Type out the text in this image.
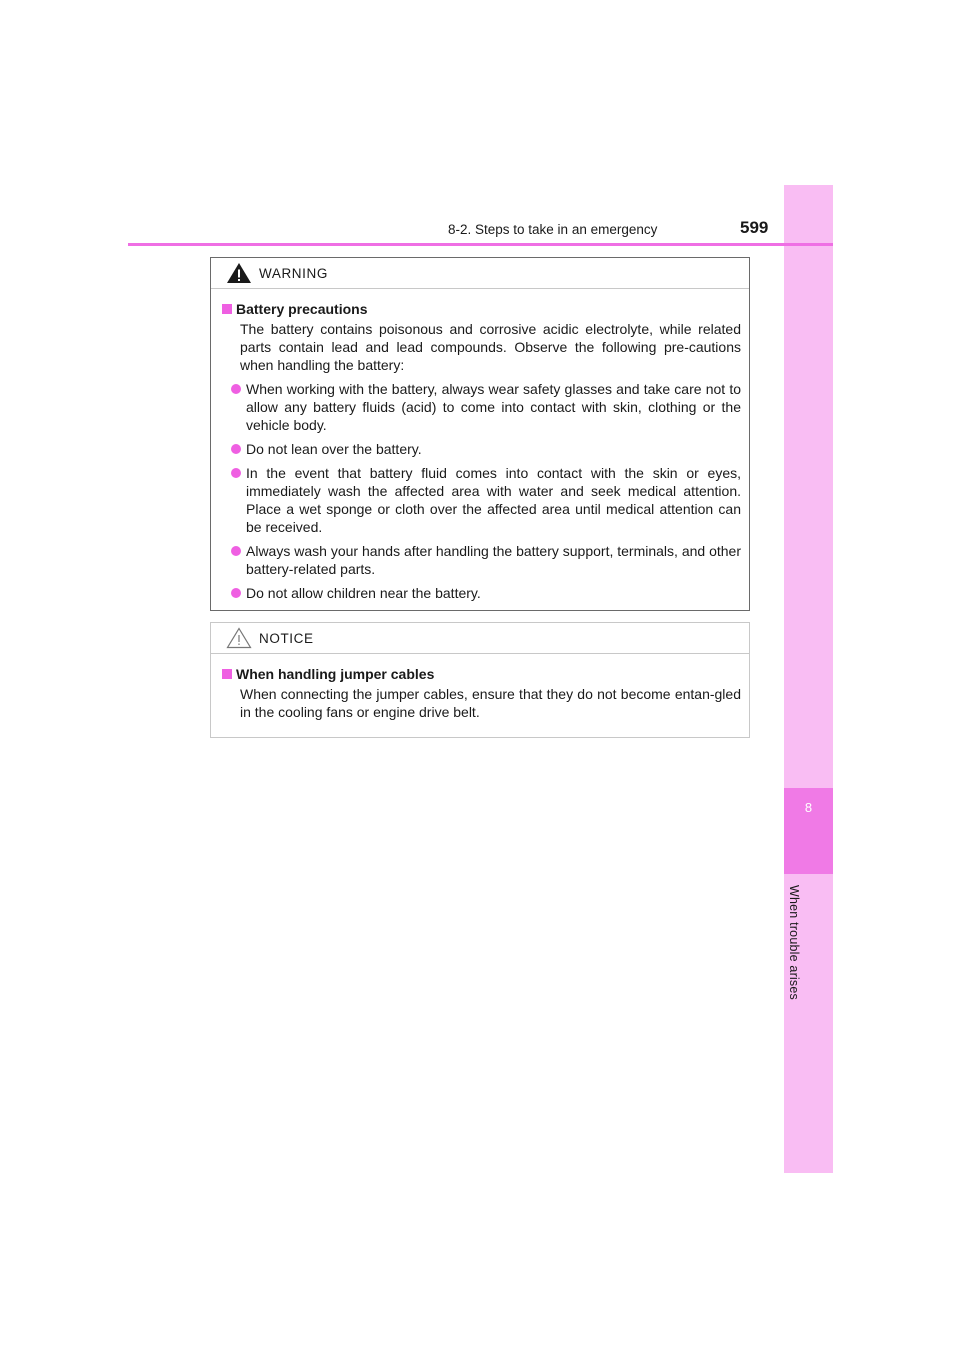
8
When trouble arises
8-2. Steps to take in an emergency	599
WARNING
Battery precautions
The battery contains poisonous and corrosive acidic electrolyte, while related parts contain lead and lead compounds. Observe the following pre-cautions when handling the battery:
When working with the battery, always wear safety glasses and take care not to allow any battery fluids (acid) to come into contact with skin, clothing or the vehicle body.
Do not lean over the battery.
In the event that battery fluid comes into contact with the skin or eyes, immediately wash the affected area with water and seek medical attention. Place a wet sponge or cloth over the affected area until medical attention can be received.
Always wash your hands after handling the battery support, terminals, and other battery-related parts.
Do not allow children near the battery.
NOTICE
When handling jumper cables
When connecting the jumper cables, ensure that they do not become entan-gled in the cooling fans or engine drive belt.
